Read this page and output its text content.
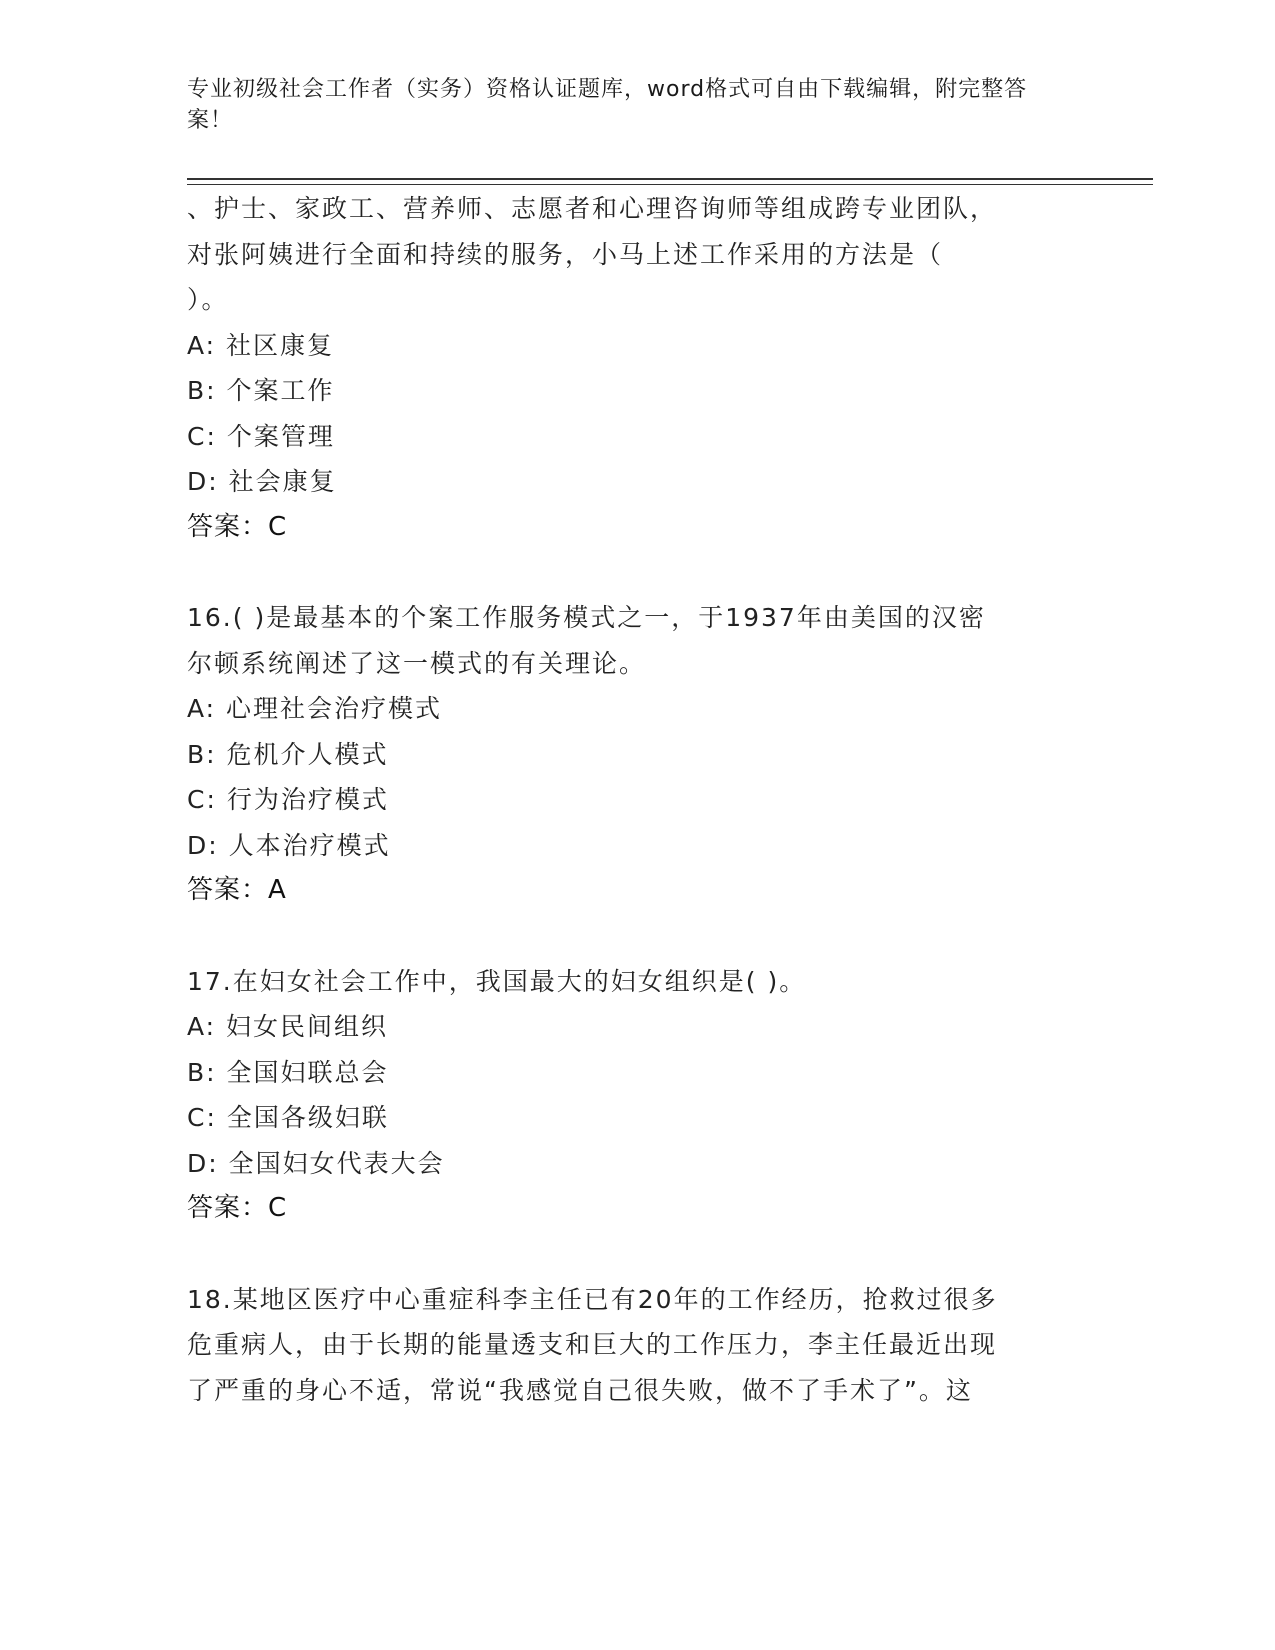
专业初级社会工作者（实务）资格认证题库，word格式可自由下载编辑，附完整答案！
、护士、家政工、营养师、志愿者和心理咨询师等组成跨专业团队，
对张阿姨进行全面和持续的服务，小马上述工作采用的方法是（
）。
A: 社区康复
B: 个案工作
C: 个案管理
D: 社会康复
答案：C
16.( )是最基本的个案工作服务模式之一，于1937年由美国的汉密
尔顿系统阐述了这一模式的有关理论。
A: 心理社会治疗模式
B: 危机介人模式
C: 行为治疗模式
D: 人本治疗模式
答案：A
17.在妇女社会工作中，我国最大的妇女组织是( )。
A: 妇女民间组织
B: 全国妇联总会
C: 全国各级妇联
D: 全国妇女代表大会
答案：C
18.某地区医疗中心重症科李主任已有20年的工作经历，抢救过很多
危重病人，由于长期的能量透支和巨大的工作压力，李主任最近出现
了严重的身心不适，常说“我感觉自己很失败，做不了手术了”。这
